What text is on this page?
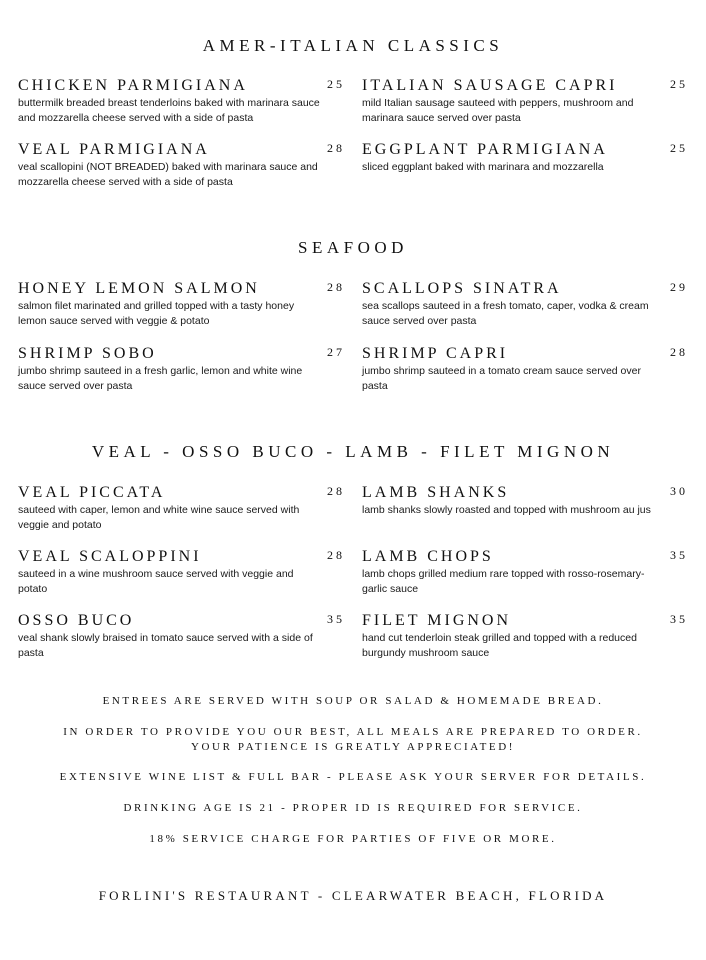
AMER-ITALIAN CLASSICS
CHICKEN PARMIGIANA	25
buttermilk breaded breast tenderloins baked with marinara sauce and mozzarella cheese served with a side of pasta
ITALIAN SAUSAGE CAPRI	25
mild Italian sausage sauteed with peppers, mushroom and marinara sauce served over pasta
VEAL PARMIGIANA	28
veal scallopini (NOT BREADED) baked with marinara sauce and mozzarella cheese served with a side of pasta
EGGPLANT PARMIGIANA	25
sliced eggplant baked with marinara and mozzarella
SEAFOOD
HONEY LEMON SALMON	28
salmon filet marinated and grilled topped with a tasty honey lemon sauce served with veggie & potato
SCALLOPS SINATRA	29
sea scallops sauteed in a fresh tomato, caper, vodka & cream sauce served over pasta
SHRIMP SOBO	27
jumbo shrimp sauteed in a fresh garlic, lemon and white wine sauce served over pasta
SHRIMP CAPRI	28
jumbo shrimp sauteed in a tomato cream sauce served over pasta
VEAL - OSSO BUCO - LAMB - FILET MIGNON
VEAL PICCATA	28
sauteed with caper, lemon and white wine sauce served with veggie and potato
LAMB SHANKS	30
lamb shanks slowly roasted and topped with mushroom au jus
VEAL SCALOPPINI	28
sauteed in a wine mushroom sauce served with veggie and potato
LAMB CHOPS	35
lamb chops grilled medium rare topped with rosso-rosemary-garlic sauce
OSSO BUCO	35
veal shank slowly braised in tomato sauce served with a side of pasta
FILET MIGNON	35
hand cut tenderloin steak grilled and topped with a reduced burgundy mushroom sauce
ENTREES ARE SERVED WITH SOUP OR SALAD & HOMEMADE BREAD.
IN ORDER TO PROVIDE YOU OUR BEST, ALL MEALS ARE PREPARED TO ORDER.
YOUR PATIENCE IS GREATLY APPRECIATED!
EXTENSIVE WINE LIST & FULL BAR - PLEASE ASK YOUR SERVER FOR DETAILS.
DRINKING AGE IS 21 - PROPER ID IS REQUIRED FOR SERVICE.
18% SERVICE CHARGE FOR PARTIES OF FIVE OR MORE.
FORLINI'S RESTAURANT - CLEARWATER BEACH, FLORIDA
